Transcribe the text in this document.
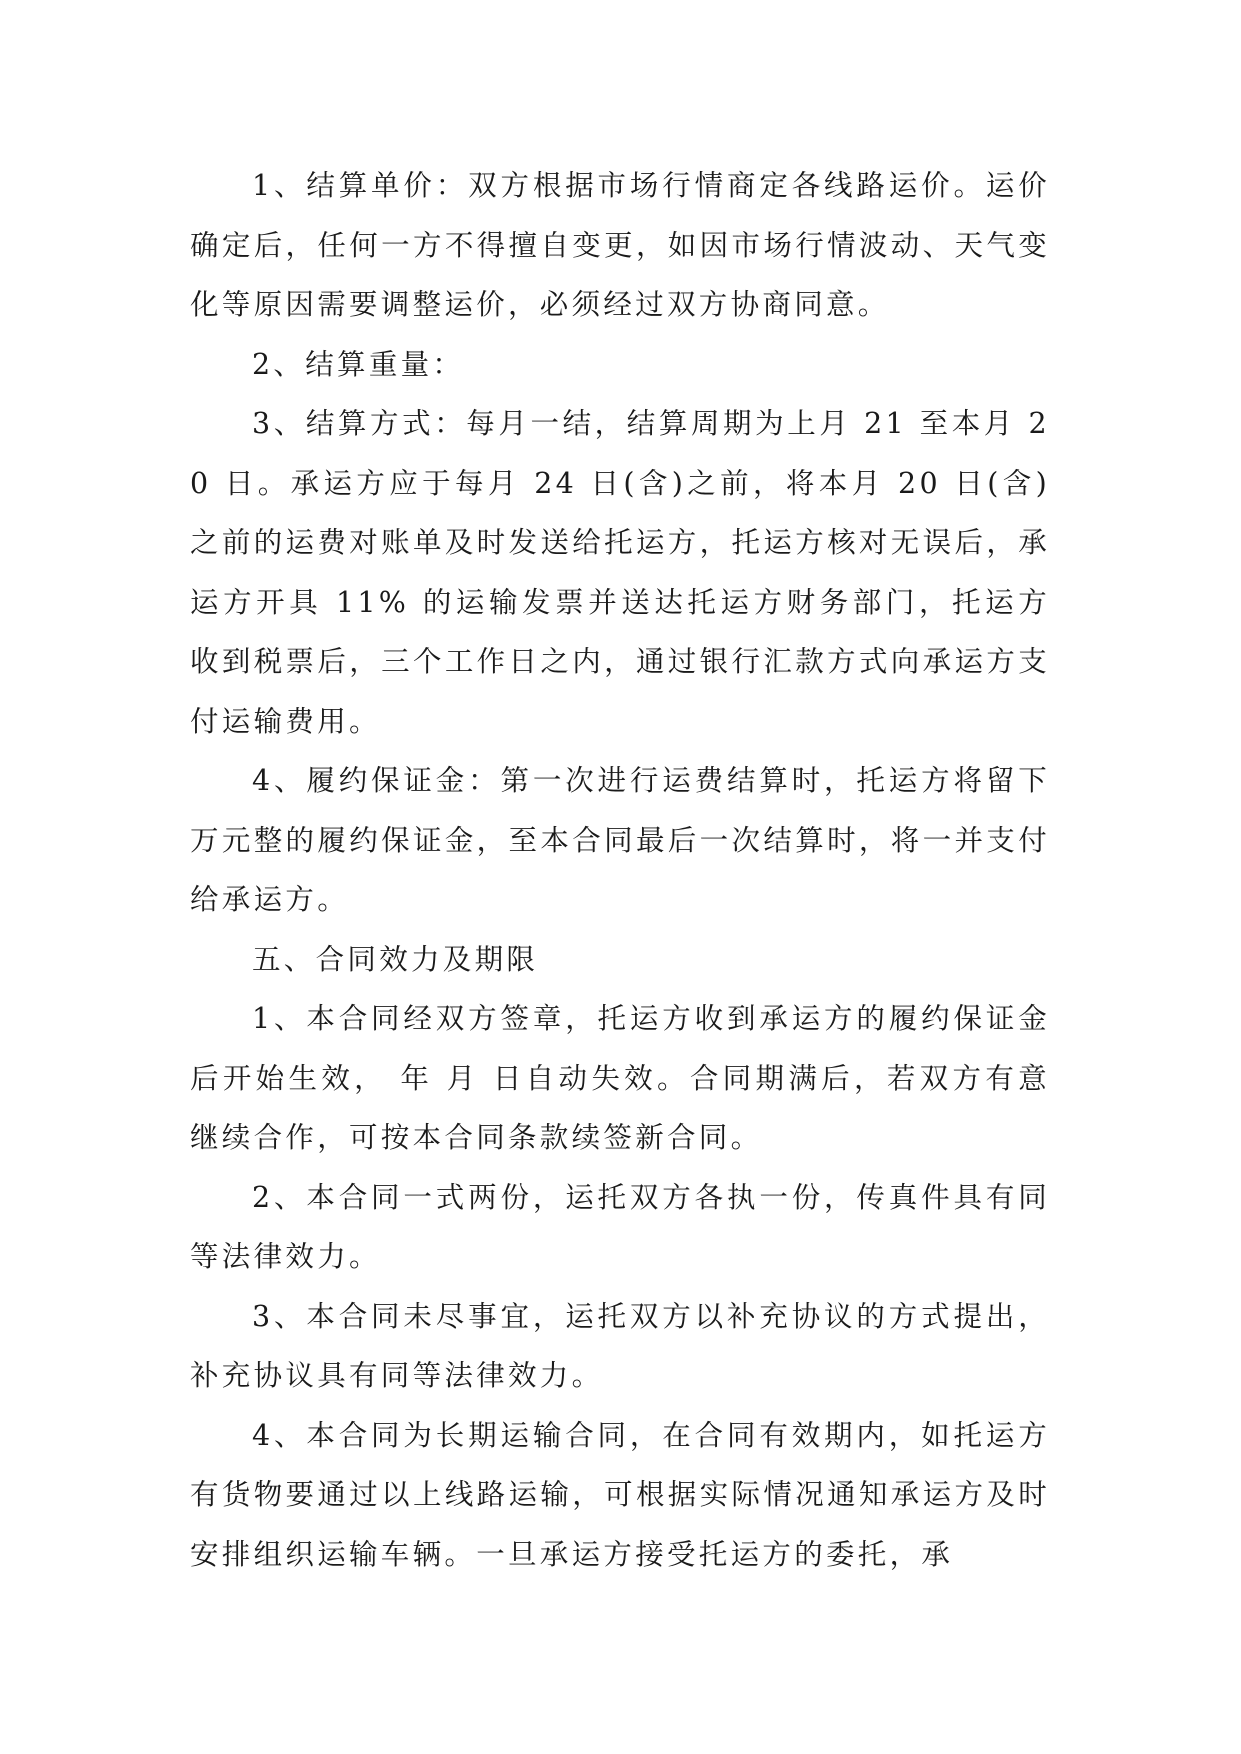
1、结算单价：双方根据市场行情商定各线路运价。运价确定后，任何一方不得擅自变更，如因市场行情波动、天气变化等原因需要调整运价，必须经过双方协商同意。

2、结算重量：

3、结算方式：每月一结，结算周期为上月 21 至本月 20 日。承运方应于每月 24 日(含)之前，将本月 20 日(含)之前的运费对账单及时发送给托运方，托运方核对无误后，承运方开具 11% 的运输发票并送达托运方财务部门，托运方收到税票后，三个工作日之内，通过银行汇款方式向承运方支付运输费用。

4、履约保证金：第一次进行运费结算时，托运方将留下 万元整的履约保证金，至本合同最后一次结算时，将一并支付给承运方。

五、合同效力及期限

1、本合同经双方签章，托运方收到承运方的履约保证金后开始生效， 年 月 日自动失效。合同期满后，若双方有意继续合作，可按本合同条款续签新合同。

2、本合同一式两份，运托双方各执一份，传真件具有同等法律效力。

3、本合同未尽事宜，运托双方以补充协议的方式提出，补充协议具有同等法律效力。

4、本合同为长期运输合同，在合同有效期内，如托运方有货物要通过以上线路运输，可根据实际情况通知承运方及时安排组织运输车辆。一旦承运方接受托运方的委托，承
